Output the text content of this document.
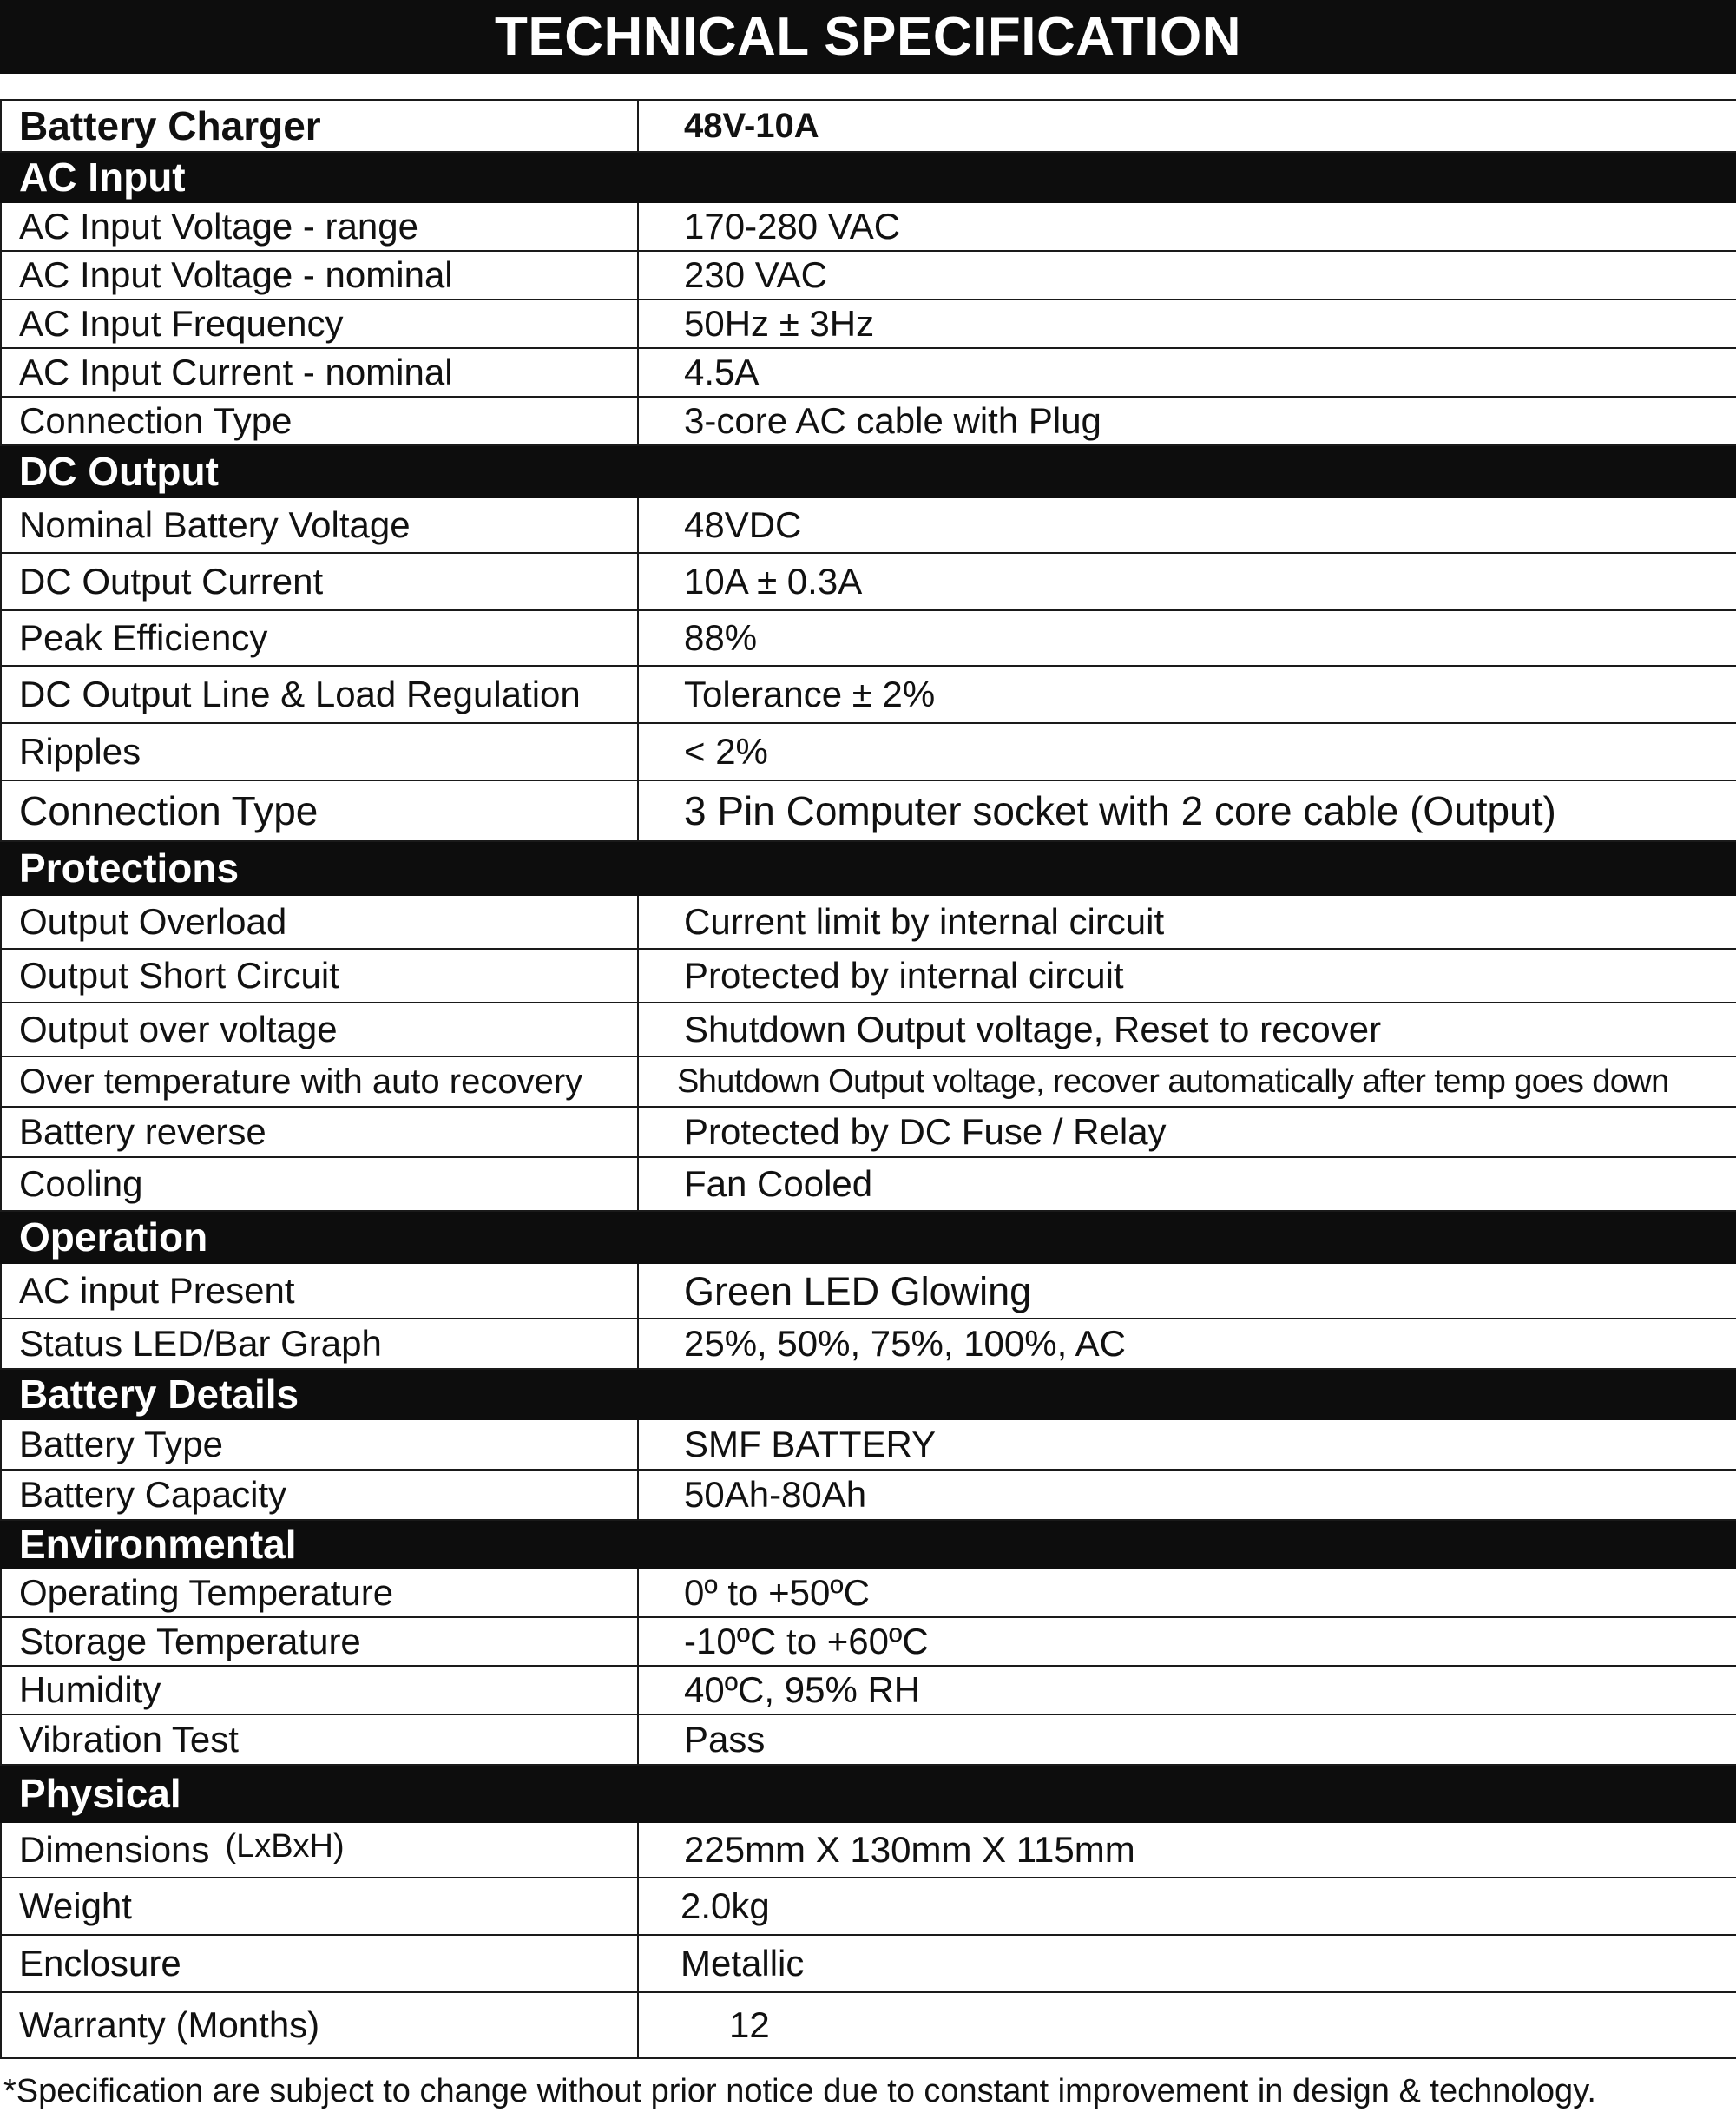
TECHNICAL SPECIFICATION
Battery Charger	48V-10A
AC Input	
AC Input Voltage - range	170-280 VAC
AC Input Voltage - nominal	230 VAC
AC Input Frequency	50Hz ± 3Hz
AC Input Current - nominal	4.5A
Connection Type	3-core AC cable with Plug
DC Output	
Nominal Battery Voltage	48VDC
DC Output Current	10A ± 0.3A
Peak Efficiency	88%
DC Output Line & Load Regulation	Tolerance ± 2%
Ripples	< 2%
Connection Type	3 Pin Computer socket with 2 core cable (Output)
Protections	
Output Overload	Current limit by internal circuit
Output Short Circuit	Protected by internal circuit
Output over voltage	Shutdown Output voltage, Reset to recover
Over temperature with auto recovery	Shutdown Output voltage, recover automatically after temp goes down
Battery reverse	Protected by DC Fuse / Relay
Cooling	Fan Cooled
Operation	
AC input Present	Green LED Glowing
Status LED/Bar Graph	25%, 50%, 75%, 100%, AC
Battery Details	
Battery Type	SMF BATTERY
Battery Capacity	50Ah-80Ah
Environmental	
Operating Temperature	0º to +50ºC
Storage Temperature	-10ºC to +60ºC
Humidity	40ºC, 95% RH
Vibration Test	Pass
Physical	
Dimensions (LxBxH)	225mm X 130mm X 115mm
Weight	2.0kg
Enclosure	Metallic
Warranty (Months)	12
*Specification are subject to change without prior notice due to constant improvement in design & technology.
